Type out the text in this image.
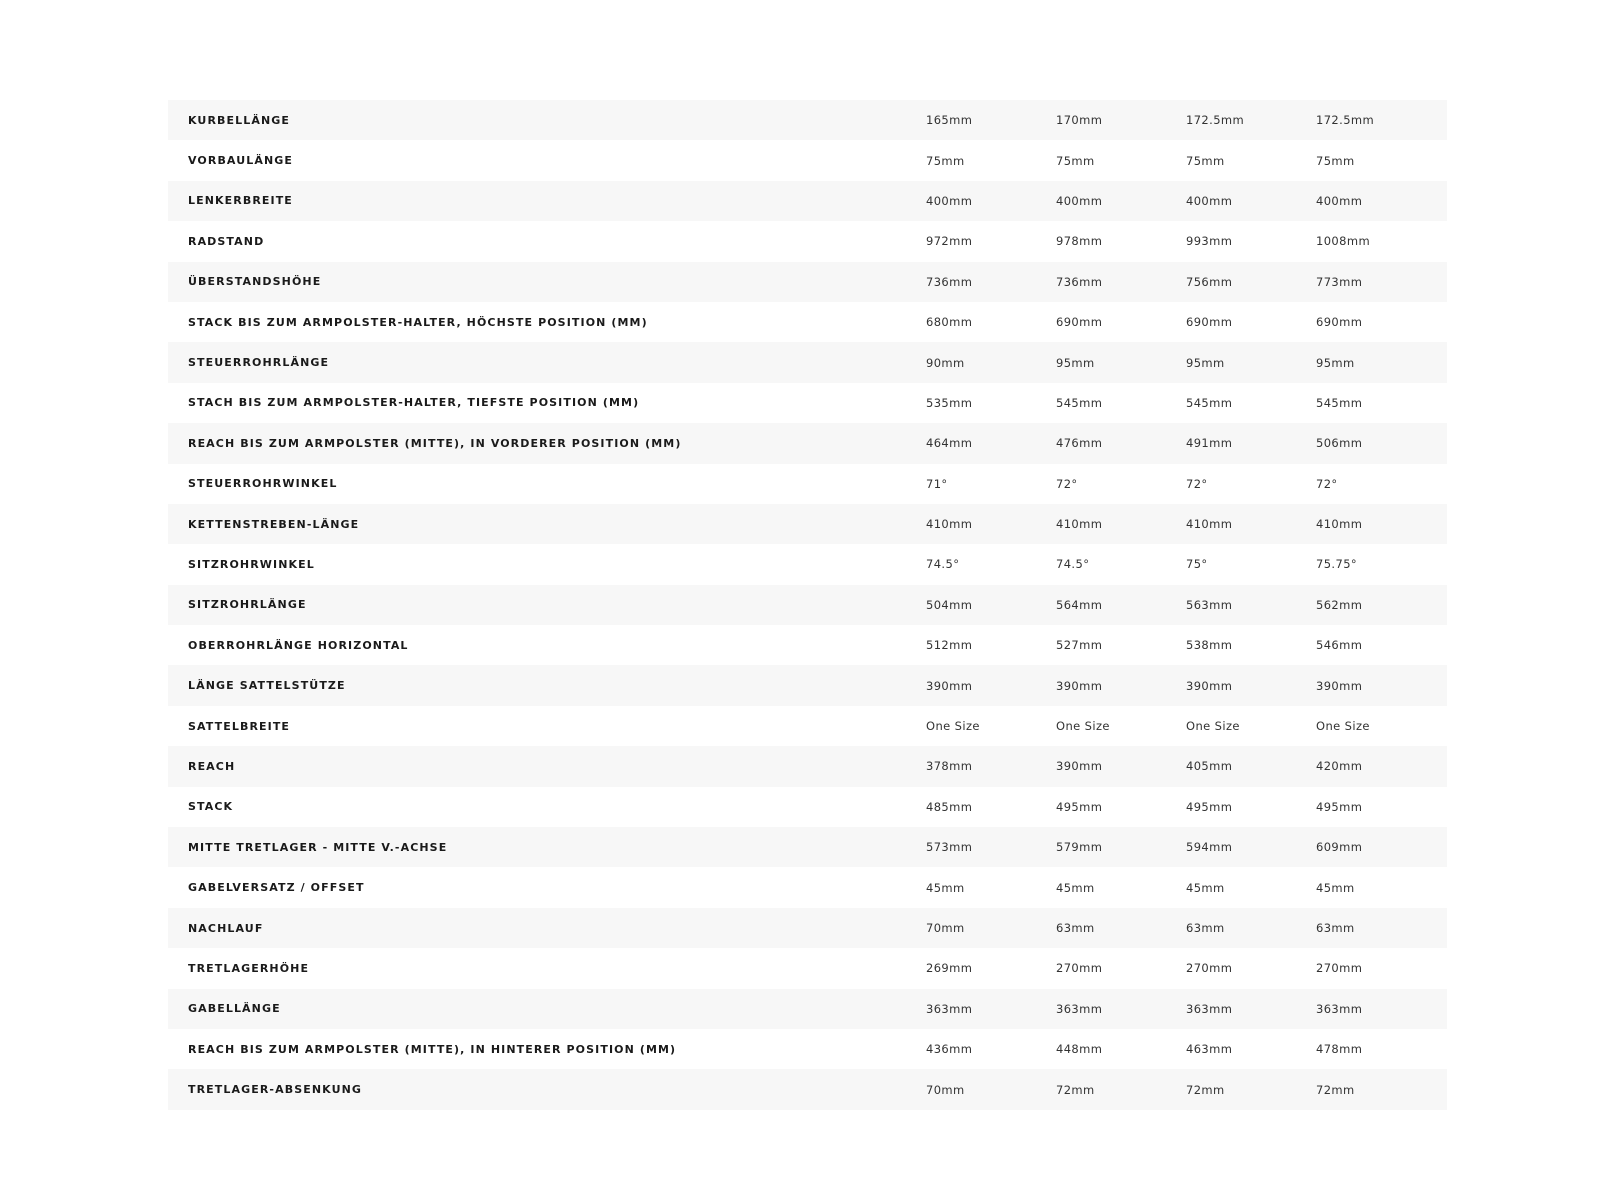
KURBELLÄNGE	165mm	170mm	172.5mm	172.5mm
VORBAULÄNGE	75mm	75mm	75mm	75mm
LENKERBREITE	400mm	400mm	400mm	400mm
RADSTAND	972mm	978mm	993mm	1008mm
ÜBERSTANDSHÖHE	736mm	736mm	756mm	773mm
STACK BIS ZUM ARMPOLSTER-HALTER, HÖCHSTE POSITION (MM)	680mm	690mm	690mm	690mm
STEUERROHRLÄNGE	90mm	95mm	95mm	95mm
STACH BIS ZUM ARMPOLSTER-HALTER, TIEFSTE POSITION (MM)	535mm	545mm	545mm	545mm
REACH BIS ZUM ARMPOLSTER (MITTE), IN VORDERER POSITION (MM)	464mm	476mm	491mm	506mm
STEUERROHRWINKEL	71°	72°	72°	72°
KETTENSTREBEN-LÄNGE	410mm	410mm	410mm	410mm
SITZROHRWINKEL	74.5°	74.5°	75°	75.75°
SITZROHRLÄNGE	504mm	564mm	563mm	562mm
OBERROHRLÄNGE HORIZONTAL	512mm	527mm	538mm	546mm
LÄNGE SATTELSTÜTZE	390mm	390mm	390mm	390mm
SATTELBREITE	One Size	One Size	One Size	One Size
REACH	378mm	390mm	405mm	420mm
STACK	485mm	495mm	495mm	495mm
MITTE TRETLAGER - MITTE V.-ACHSE	573mm	579mm	594mm	609mm
GABELVERSATZ / OFFSET	45mm	45mm	45mm	45mm
NACHLAUF	70mm	63mm	63mm	63mm
TRETLAGERHÖHE	269mm	270mm	270mm	270mm
GABELLÄNGE	363mm	363mm	363mm	363mm
REACH BIS ZUM ARMPOLSTER (MITTE), IN HINTERER POSITION (MM)	436mm	448mm	463mm	478mm
TRETLAGER-ABSENKUNG	70mm	72mm	72mm	72mm
